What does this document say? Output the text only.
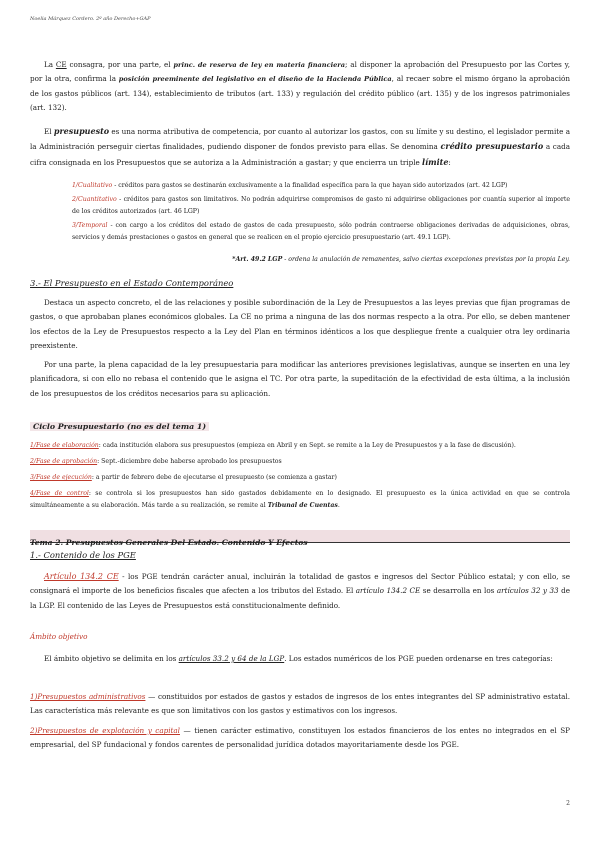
Noelia Márquez Cordero. 2º año Derecho+GAP

La CE consagra, por una parte, el princ. de reserva de ley en materia financiera; al disponer la aprobación del Presupuesto por las Cortes y, por la otra, confirma la posición preeminente del legislativo en el diseño de la Hacienda Pública, al recaer sobre el mismo órgano la aprobación de los gastos públicos (art. 134), establecimiento de tributos (art. 133) y regulación del crédito público (art. 135) y de los ingresos patrimoniales (art. 132).

El presupuesto es una norma atributiva de competencia, por cuanto al autorizar los gastos, con su límite y su destino, el legislador permite a la Administración perseguir ciertas finalidades, pudiendo disponer de fondos previsto para ellas. Se denomina crédito presupuestario a cada cifra consignada en los Presupuestos que se autoriza a la Administración a gastar; y que encierra un triple límite:

1/Cualitativo - créditos para gastos se destinarán exclusivamente a la finalidad específica para la que hayan sido autorizados (art. 42 LGP)

2/Cuantitativo - créditos para gastos son limitativos. No podrán adquirirse compromisos de gasto ni adquirirse obligaciones por cuantía superior al importe de los créditos autorizados (art. 46 LGP)

3/Temporal - con cargo a los créditos del estado de gastos de cada presupuesto, sólo podrán contraerse obligaciones derivadas de adquisiciones, obras, servicios y demás prestaciones o gastos en general que se realicen en el propio ejercicio presupuestario (art. 49.1 LGP).

*Art. 49.2 LGP - ordena la anulación de remanentes, salvo ciertas excepciones previstas por la propia Ley.

3.- El Presupuesto en el Estado Contemporáneo

Destaca un aspecto concreto, el de las relaciones y posible subordinación de la Ley de Presupuestos a las leyes previas que fijan programas de gastos, o que aprobaban planes económicos globales. La CE no prima a ninguna de las dos normas respecto a la otra. Por ello, se deben mantener los efectos de la Ley de Presupuestos respecto a la Ley del Plan en términos idénticos a los que despliegue frente a cualquier otra ley ordinaria preexistente.

Por una parte, la plena capacidad de la ley presupuestaria para modificar las anteriores previsiones legislativas, aunque se inserten en una ley planificadora, si con ello no rebasa el contenido que le asigna el TC. Por otra parte, la supeditación de la efectividad de esta última, a la inclusión de los presupuestos de los créditos necesarios para su aplicación.

Ciclo Presupuestario (no es del tema 1)

1/Fase de elaboración: cada institución elabora sus presupuestos (empieza en Abril y en Sept. se remite a la Ley de Presupuestos y a la fase de discusión).

2/Fase de aprobación: Sept.-diciembre debe haberse aprobado los presupuestos

3/Fase de ejecución: a partir de febrero debe de ejecutarse el presupuesto (se comienza a gastar)

4/Fase de control: se controla si los presupuestos han sido gastados debidamente en lo designado. El presupuesto es la única actividad en que se controla simultáneamente a su elaboración. Más tarde a su realización, se remite al Tribunal de Cuentas.

Tema 2. Presupuestos Generales Del Estado. Contenido Y Efectos

1.- Contenido de los PGE

Artículo 134.2 CE - los PGE tendrán carácter anual, incluirán la totalidad de gastos e ingresos del Sector Público estatal; y con ello, se consignará el importe de los beneficios fiscales que afecten a los tributos del Estado. El artículo 134.2 CE se desarrolla en los artículos 32 y 33 de la LGP. El contenido de las Leyes de Presupuestos está constitucionalmente definido.

Ámbito objetivo

El ámbito objetivo se delimita en los artículos 33.2 y 64 de la LGP. Los estados numéricos de los PGE pueden ordenarse en tres categorías:

1)Presupuestos administrativos — constituidos por estados de gastos y estados de ingresos de los entes integrantes del SP administrativo estatal. Las característica más relevante es que son limitativos con los gastos y estimativos con los ingresos.

2)Presupuestos de explotación y capital — tienen carácter estimativo, constituyen los estados financieros de los entes no integrados en el SP empresarial, del SP fundacional y fondos carentes de personalidad jurídica dotados mayoritariamente desde los PGE.

2
